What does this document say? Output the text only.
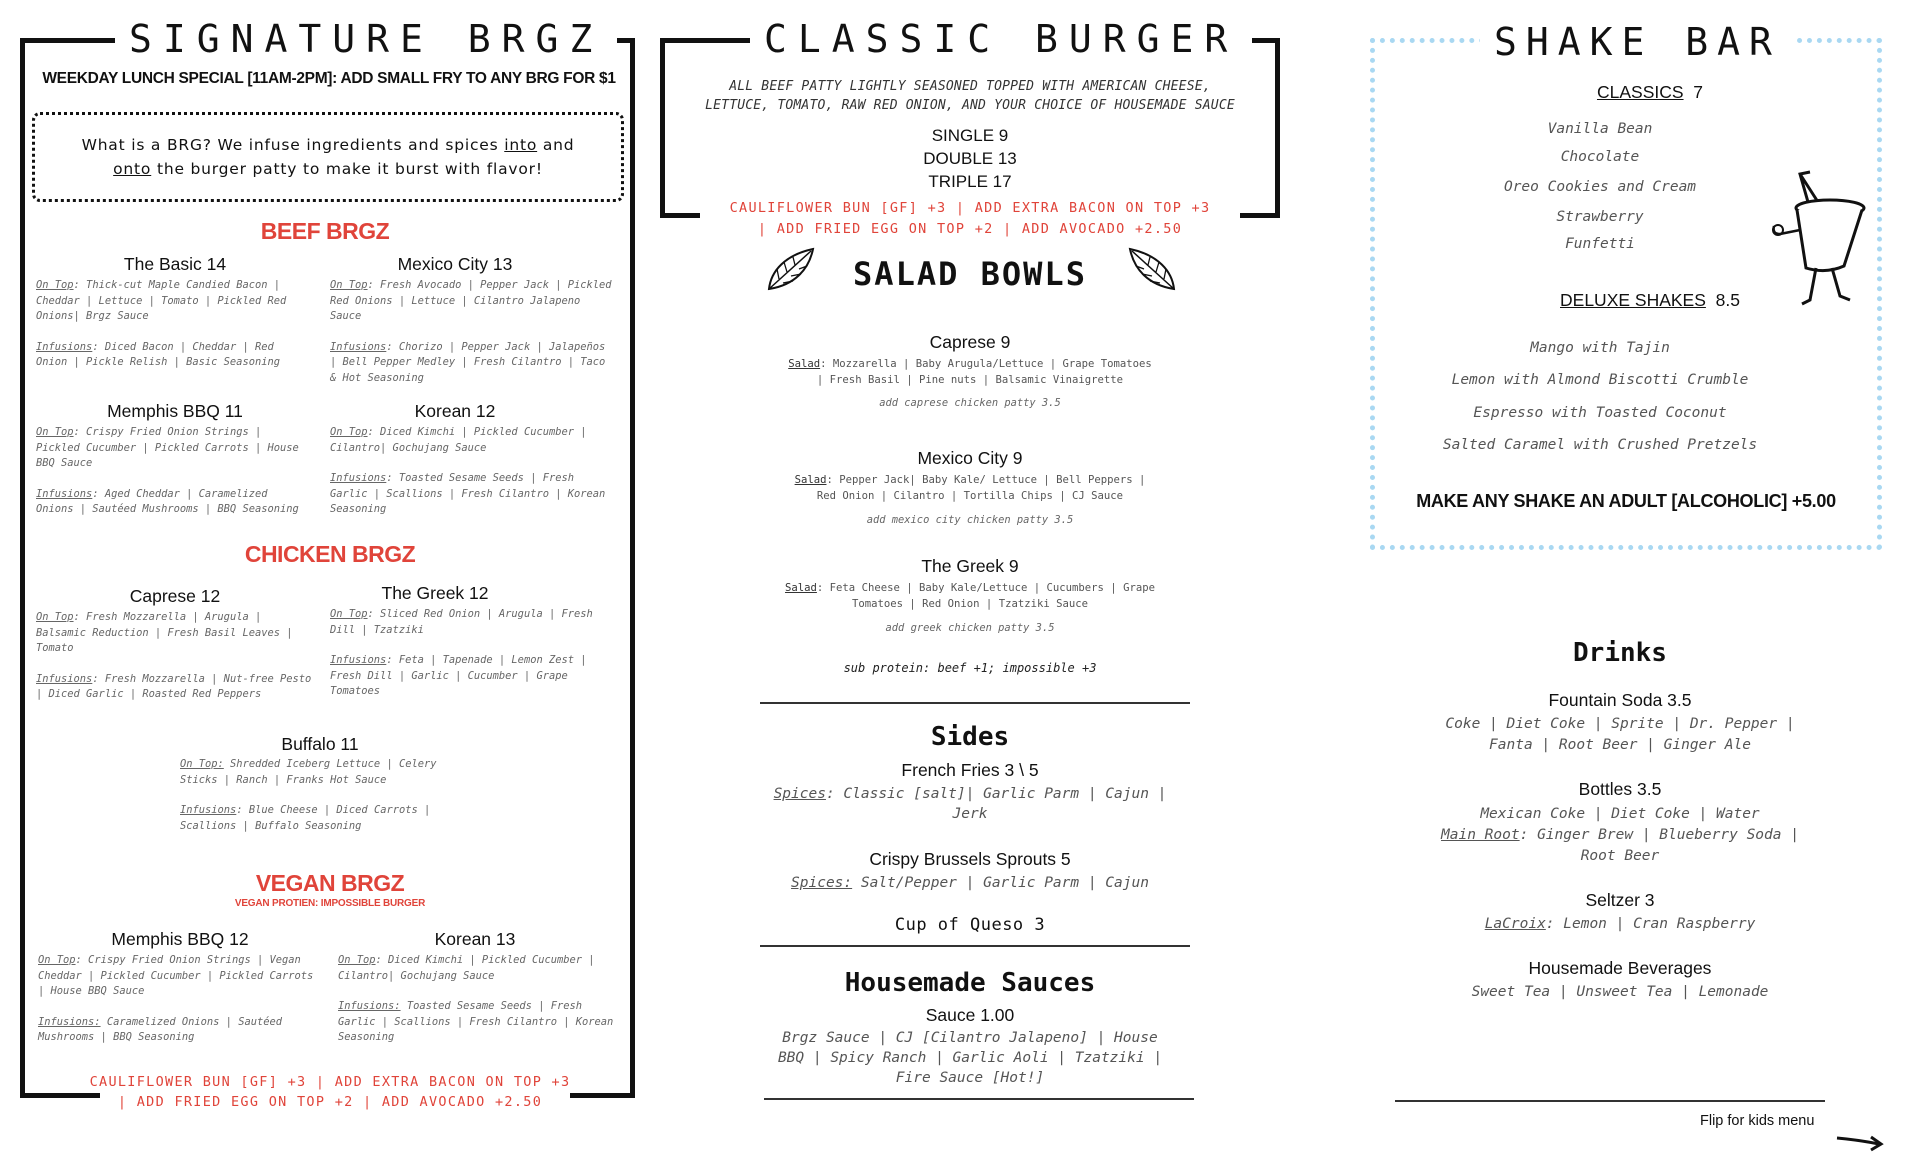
SIGNATURE BRGZ
WEEKDAY LUNCH SPECIAL [11AM-2PM]: ADD SMALL FRY TO ANY BRG FOR $1
What is a BRG? We infuse ingredients and spices into and
onto the burger patty to make it burst with flavor!
BEEF BRGZ
The Basic 14
On Top: Thick-cut Maple Candied Bacon | Cheddar | Lettuce | Tomato | Pickled Red Onions| Brgz Sauce
Infusions: Diced Bacon | Cheddar | Red Onion | Pickle Relish | Basic Seasoning
Mexico City 13
On Top: Fresh Avocado | Pepper Jack | Pickled Red Onions | Lettuce | Cilantro Jalapeno Sauce
Infusions: Chorizo | Pepper Jack | Jalapeños | Bell Pepper Medley | Fresh Cilantro | Taco & Hot Seasoning
Memphis BBQ 11
On Top: Crispy Fried Onion Strings | Pickled Cucumber | Pickled Carrots | House BBQ Sauce
Infusions: Aged Cheddar | Caramelized Onions | Sautéed Mushrooms | BBQ Seasoning
Korean 12
On Top: Diced Kimchi | Pickled Cucumber | Cilantro| Gochujang Sauce
Infusions: Toasted Sesame Seeds | Fresh Garlic | Scallions | Fresh Cilantro | Korean Seasoning
CHICKEN BRGZ
Caprese 12
On Top: Fresh Mozzarella | Arugula | Balsamic Reduction | Fresh Basil Leaves | Tomato
Infusions: Fresh Mozzarella | Nut-free Pesto | Diced Garlic | Roasted Red Peppers
The Greek 12
On Top: Sliced Red Onion | Arugula | Fresh Dill | Tzatziki
Infusions: Feta | Tapenade | Lemon Zest | Fresh Dill | Garlic | Cucumber | Grape Tomatoes
Buffalo 11
On Top: Shredded Iceberg Lettuce | Celery Sticks | Ranch | Franks Hot Sauce
Infusions: Blue Cheese | Diced Carrots | Scallions | Buffalo Seasoning
VEGAN BRGZ
VEGAN PROTIEN: IMPOSSIBLE BURGER
Memphis BBQ 12
On Top: Crispy Fried Onion Strings | Vegan Cheddar | Pickled Cucumber | Pickled Carrots | House BBQ Sauce
Infusions: Caramelized Onions | Sautéed Mushrooms | BBQ Seasoning
Korean 13
On Top: Diced Kimchi | Pickled Cucumber | Cilantro| Gochujang Sauce
Infusions: Toasted Sesame Seeds | Fresh Garlic | Scallions | Fresh Cilantro | Korean Seasoning
CAULIFLOWER BUN [GF] +3 | ADD EXTRA BACON ON TOP +3
| ADD FRIED EGG ON TOP +2 | ADD AVOCADO +2.50
CLASSIC BURGER
ALL BEEF PATTY LIGHTLY SEASONED TOPPED WITH AMERICAN CHEESE,
LETTUCE, TOMATO, RAW RED ONION, AND YOUR CHOICE OF HOUSEMADE SAUCE
SINGLE 9
DOUBLE 13
TRIPLE 17
CAULIFLOWER BUN [GF] +3 | ADD EXTRA BACON ON TOP +3
| ADD FRIED EGG ON TOP +2 | ADD AVOCADO +2.50
SALAD BOWLS
Caprese 9
Salad: Mozzarella | Baby Arugula/Lettuce | Grape Tomatoes
| Fresh Basil | Pine nuts | Balsamic Vinaigrette
add caprese chicken patty 3.5
Mexico City 9
Salad: Pepper Jack| Baby Kale/ Lettuce | Bell Peppers |
Red Onion | Cilantro | Tortilla Chips | CJ Sauce
add mexico city chicken patty 3.5
The Greek 9
Salad: Feta Cheese | Baby Kale/Lettuce | Cucumbers | Grape
Tomatoes | Red Onion | Tzatziki Sauce
add greek chicken patty 3.5
sub protein: beef +1; impossible +3
Sides
French Fries 3 \ 5
Spices: Classic [salt]| Garlic Parm | Cajun |
Jerk
Crispy Brussels Sprouts 5
Spices: Salt/Pepper | Garlic Parm | Cajun
Cup of Queso 3
Housemade Sauces
Sauce 1.00
Brgz Sauce | CJ [Cilantro Jalapeno] | House
BBQ | Spicy Ranch | Garlic Aoli | Tzatziki |
Fire Sauce [Hot!]
SHAKE BAR
CLASSICS 7
Vanilla Bean
Chocolate
Oreo Cookies and Cream
Strawberry
Funfetti
DELUXE SHAKES 8.5
Mango with Tajin
Lemon with Almond Biscotti Crumble
Espresso with Toasted Coconut
Salted Caramel with Crushed Pretzels
MAKE ANY SHAKE AN ADULT [ALCOHOLIC] +5.00
Drinks
Fountain Soda 3.5
Coke | Diet Coke | Sprite | Dr. Pepper |
Fanta | Root Beer | Ginger Ale
Bottles 3.5
Mexican Coke | Diet Coke | Water
Main Root: Ginger Brew | Blueberry Soda |
Root Beer
Seltzer 3
LaCroix: Lemon | Cran Raspberry
Housemade Beverages
Sweet Tea | Unsweet Tea | Lemonade
Flip for kids menu
